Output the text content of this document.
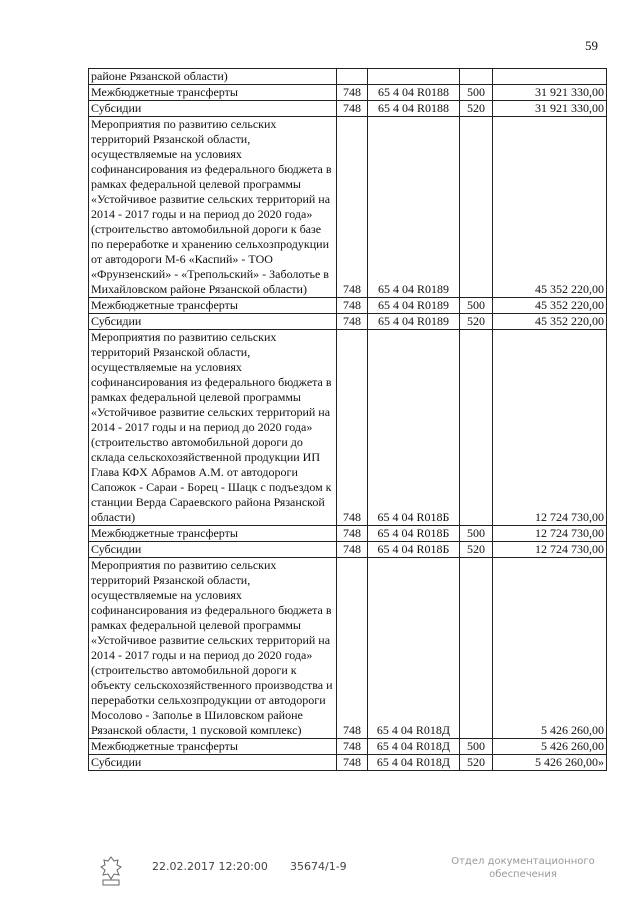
59
районе Рязанской области)				
Межбюджетные трансферты	748	65 4 04 R0188	500	31 921 330,00
Субсидии	748	65 4 04 R0188	520	31 921 330,00
Мероприятия по развитию сельских территорий Рязанской области, осуществляемые на условиях софинансирования из федерального бюджета в рамках федеральной целевой программы «Устойчивое развитие сельских территорий на 2014 - 2017 годы и на период до 2020 года» (строительство автомобильной дороги к базе по переработке и хранению сельхозпродукции от автодороги М-6 «Каспий» - ТОО «Фрунзенский» - «Трепольский» - Заболотье в Михайловском районе Рязанской области)	748	65 4 04 R0189		45 352 220,00
Межбюджетные трансферты	748	65 4 04 R0189	500	45 352 220,00
Субсидии	748	65 4 04 R0189	520	45 352 220,00
Мероприятия по развитию сельских территорий Рязанской области, осуществляемые на условиях софинансирования из федерального бюджета в рамках федеральной целевой программы «Устойчивое развитие сельских территорий на 2014 - 2017 годы и на период до 2020 года» (строительство автомобильной дороги до склада сельскохозяйственной продукции ИП Глава КФХ Абрамов А.М. от автодороги Сапожок - Сараи - Борец - Шацк с подъездом к станции Верда Сараевского района Рязанской области)	748	65 4 04 R018Б		12 724 730,00
Межбюджетные трансферты	748	65 4 04 R018Б	500	12 724 730,00
Субсидии	748	65 4 04 R018Б	520	12 724 730,00
Мероприятия по развитию сельских территорий Рязанской области, осуществляемые на условиях софинансирования из федерального бюджета в рамках федеральной целевой программы «Устойчивое развитие сельских территорий на 2014 - 2017 годы и на период до 2020 года» (строительство автомобильной дороги к объекту сельскохозяйственного производства и переработки сельхозпродукции от автодороги Мосолово - Заполье в Шиловском районе Рязанской области, 1 пусковой комплекс)	748	65 4 04 R018Д		5 426 260,00
Межбюджетные трансферты	748	65 4 04 R018Д	500	5 426 260,00
Субсидии	748	65 4 04 R018Д	520	5 426 260,00»
22.02.2017 12:20:00 35674/1-9	Отдел документационного обеспечения
